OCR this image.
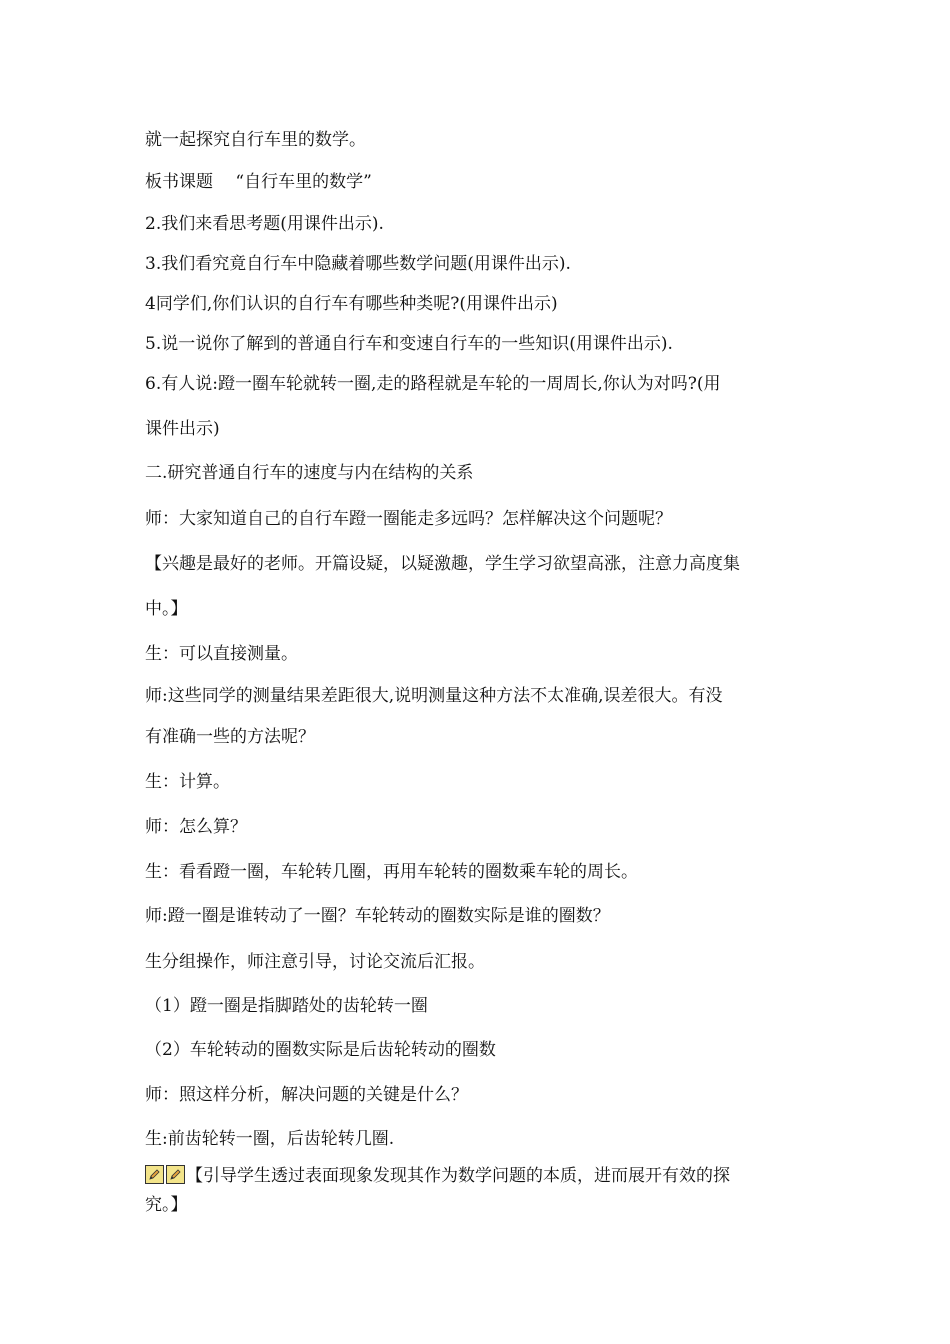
就一起探究自行车里的数学。
板书课题　 “自行车里的数学”
2.我们来看思考题(用课件出示).
3.我们看究竟自行车中隐藏着哪些数学问题(用课件出示).
4同学们,你们认识的自行车有哪些种类呢?(用课件出示)
5.说一说你了解到的普通自行车和变速自行车的一些知识(用课件出示).
6.有人说:蹬一圈车轮就转一圈,走的路程就是车轮的一周周长,你认为对吗?(用
课件出示)
二.研究普通自行车的速度与内在结构的关系
师：大家知道自己的自行车蹬一圈能走多远吗？怎样解决这个问题呢？
【兴趣是最好的老师。开篇设疑，以疑激趣，学生学习欲望高涨，注意力高度集
中。】
生：可以直接测量。
师:这些同学的测量结果差距很大,说明测量这种方法不太准确,误差很大。有没
有准确一些的方法呢？
生：计算。
师：怎么算？
生：看看蹬一圈，车轮转几圈，再用车轮转的圈数乘车轮的周长。
师:蹬一圈是谁转动了一圈？车轮转动的圈数实际是谁的圈数？
生分组操作，师注意引导，讨论交流后汇报。
（1）蹬一圈是指脚踏处的齿轮转一圈
（2）车轮转动的圈数实际是后齿轮转动的圈数
师：照这样分析，解决问题的关键是什么？
生:前齿轮转一圈，后齿轮转几圈.
【引导学生透过表面现象发现其作为数学问题的本质，进而展开有效的探
究。】
